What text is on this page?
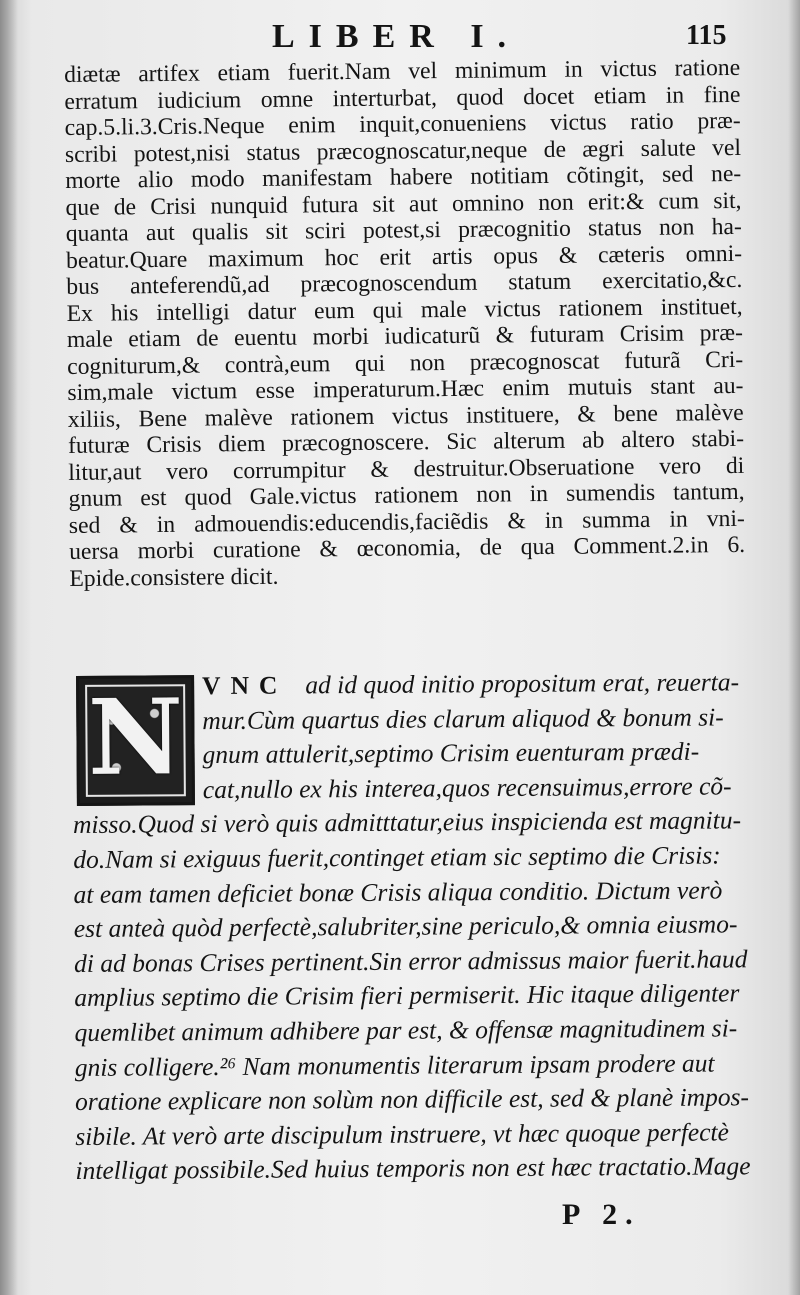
LIBER I.	115

diætæ artifex etiam fuerit.Nam vel minimum in victus ratione

erratum iudicium omne interturbat, quod docet etiam in fine

cap.5.li.3.Cris.Neque enim inquit,conueniens victus ratio præ-

scribi potest,nisi status præcognoscatur,neque de ægri salute vel

morte alio modo manifestam habere notitiam cõtingit, sed ne-

que de Crisi nunquid futura sit aut omnino non erit:& cum sit,

quanta aut qualis sit sciri potest,si præcognitio status non ha-

beatur.Quare maximum hoc erit artis opus & cæteris omni-

bus anteferendũ,ad præcognoscendum statum exercitatio,&c.

Ex his intelligi datur eum qui male victus rationem instituet,

male etiam de euentu morbi iudicaturũ & futuram Crisim præ-

cogniturum,& contrà,eum qui non præcognoscat futurã Cri-

sim,male victum esse imperaturum.Hæc enim mutuis stant au-

xiliis, Bene malève rationem victus instituere, & bene malève

futuræ Crisis diem præcognoscere. Sic alterum ab altero stabi-

litur,aut vero corrumpitur & destruitur.Obseruatione vero di

gnum est quod Gale.victus rationem non in sumendis tantum,

sed & in admouendis:educendis,faciẽdis & in summa in vni-

uersa morbi curatione & œconomia, de qua Comment.2.in 6.

Epide.consistere dicit.

N VNC ad id quod initio propositum erat, reuerta-
mur.Cùm quartus dies clarum aliquod & bonum si-
gnum attulerit,septimo Crisim euenturam prædi-
cat,nullo ex his interea,quos recensuimus,errore cõ-
misso.Quod si verò quis admitttatur,eius inspicienda est magnitu-
do.Nam si exiguus fuerit,continget etiam sic septimo die Crisis:
at eam tamen deficiet bonæ Crisis aliqua conditio. Dictum verò
est anteà quòd perfectè,salubriter,sine periculo,& omnia eiusmo-
di ad bonas Crises pertinent.Sin error admissus maior fuerit.haud
amplius septimo die Crisim fieri permiserit. Hic itaque diligenter
quemlibet animum adhibere par est, & offensæ magnitudinem si-
gnis colligere.²⁶ Nam monumentis literarum ipsam prodere aut
oratione explicare non solùm non difficile est, sed & planè impos-
sibile. At verò arte discipulum instruere, vt hæc quoque perfectè
intelligat possibile.Sed huius temporis non est hæc tractatio.Mage
P 2.
